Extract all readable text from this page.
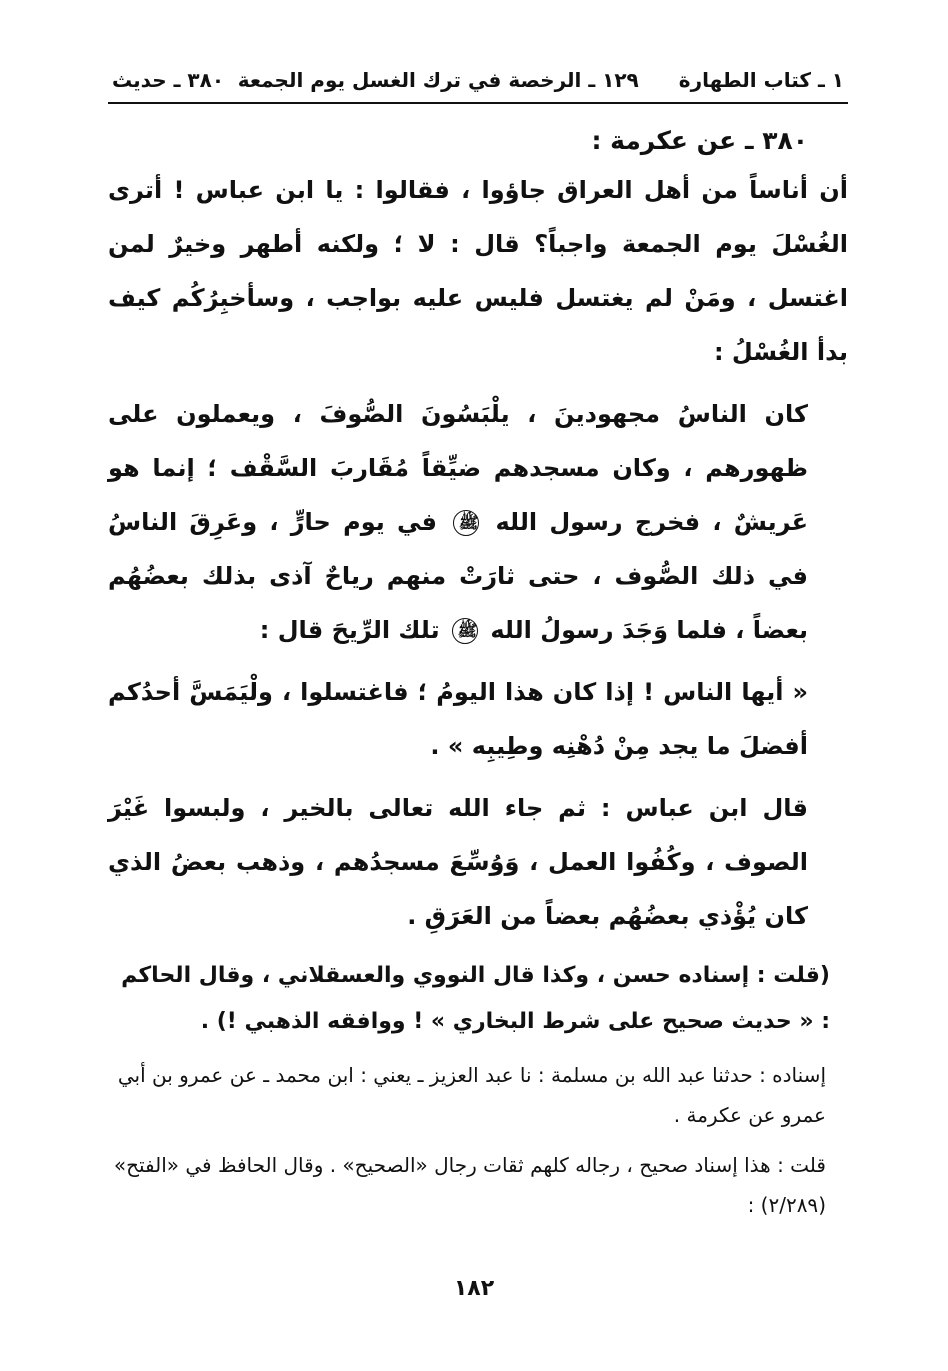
١ ـ كتاب الطهارة
١٢٩ ـ الرخصة في ترك الغسل يوم الجمعة
٣٨٠ ـ حديث
٣٨٠ ـ عن عكرمة :

أن أناساً من أهل العراق جاؤوا ، فقالوا : يا ابن عباس ! أترى الغُسْلَ يوم الجمعة واجباً؟ قال : لا ؛ ولكنه أطهر وخيرٌ لمن اغتسل ، ومَنْ لم يغتسل فليس عليه بواجب ، وسأخبِرُكُم كيف بدأ الغُسْلُ :

كان الناسُ مجهودينَ ، يلْبَسُونَ الصُّوفَ ، ويعملون على ظهورهم ، وكان مسجدهم ضيِّقاً مُقَاربَ السَّقْف ؛ إنما هو عَريشٌ ، فخرج رسول الله ﷺ في يوم حارٍّ ، وعَرِقَ الناسُ في ذلك الصُّوف ، حتى ثارَتْ منهم رياحٌ آذى بذلك بعضُهُم بعضاً ، فلما وَجَدَ رسولُ الله ﷺ تلك الرِّيحَ قال :

« أيها الناس ! إذا كان هذا اليومُ ؛ فاغتسلوا ، ولْيَمَسَّ أحدُكم أفضلَ ما يجد مِنْ دُهْنِه وطِيبِه » .

قال ابن عباس : ثم جاء الله تعالى بالخير ، ولبسوا غَيْرَ الصوف ، وكُفُوا العمل ، وَوُسِّعَ مسجدُهم ، وذهب بعضُ الذي كان يُؤْذي بعضُهُم بعضاً من العَرَقِ .

(قلت : إسناده حسن ، وكذا قال النووي والعسقلاني ، وقال الحاكم : « حديث صحيح على شرط البخاري » ! ووافقه الذهبي !) .
إسناده : حدثنا عبد الله بن مسلمة : نا عبد العزيز ـ يعني : ابن محمد ـ عن عمرو بن أبي عمرو عن عكرمة .
قلت : هذا إسناد صحيح ، رجاله كلهم ثقات رجال «الصحيح» . وقال الحافظ في «الفتح» (٢/٢٨٩) :
١٨٢
